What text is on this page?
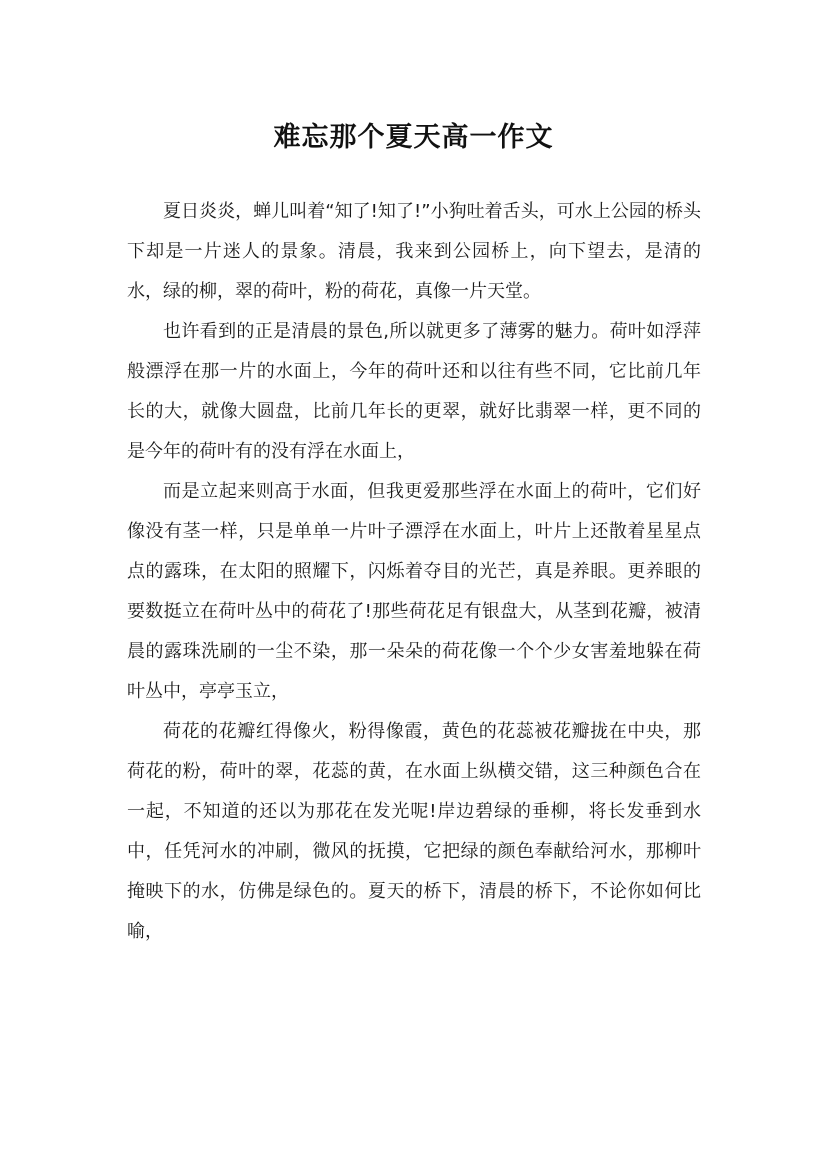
难忘那个夏天高一作文

夏日炎炎，蝉儿叫着“知了!知了!”小狗吐着舌头，可水上公园的桥头下却是一片迷人的景象。清晨，我来到公园桥上，向下望去，是清的水，绿的柳，翠的荷叶，粉的荷花，真像一片天堂。

也许看到的正是清晨的景色,所以就更多了薄雾的魅力。荷叶如浮萍般漂浮在那一片的水面上，今年的荷叶还和以往有些不同，它比前几年长的大，就像大圆盘，比前几年长的更翠，就好比翡翠一样，更不同的是今年的荷叶有的没有浮在水面上，

而是立起来则高于水面，但我更爱那些浮在水面上的荷叶，它们好像没有茎一样，只是单单一片叶子漂浮在水面上，叶片上还散着星星点点的露珠，在太阳的照耀下，闪烁着夺目的光芒，真是养眼。更养眼的要数挺立在荷叶丛中的荷花了!那些荷花足有银盘大，从茎到花瓣，被清晨的露珠洗刷的一尘不染，那一朵朵的荷花像一个个少女害羞地躲在荷叶丛中，亭亭玉立，

荷花的花瓣红得像火，粉得像霞，黄色的花蕊被花瓣拢在中央，那荷花的粉，荷叶的翠，花蕊的黄，在水面上纵横交错，这三种颜色合在一起，不知道的还以为那花在发光呢!岸边碧绿的垂柳，将长发垂到水中，任凭河水的冲刷，微风的抚摸，它把绿的颜色奉献给河水，那柳叶掩映下的水，仿佛是绿色的。夏天的桥下，清晨的桥下，不论你如何比喻，
